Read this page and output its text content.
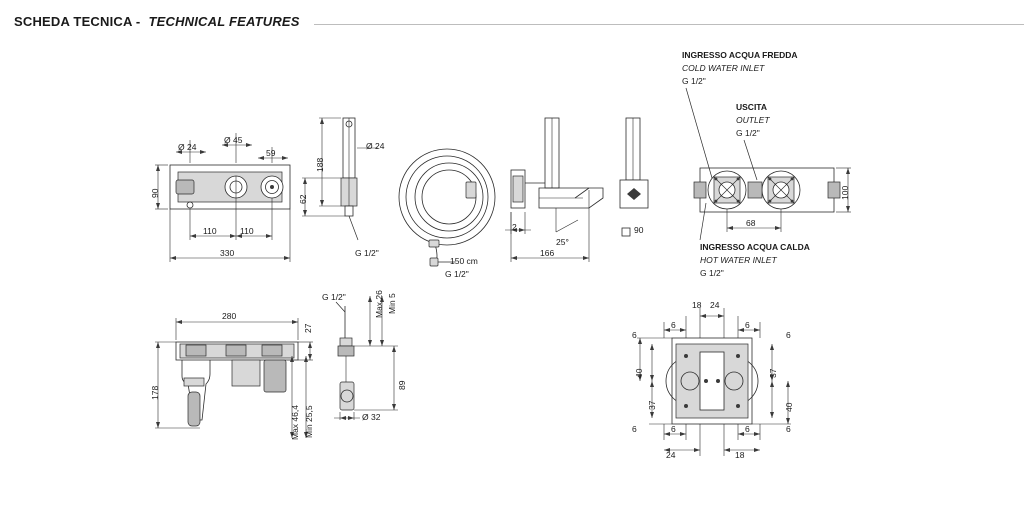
SCHEDA TECNICA - TECHNICAL FEATURES
INGRESSO ACQUA FREDDA
COLD WATER INLET
G 1/2"
USCITA
OUTLET
G 1/2"
INGRESSO ACQUA CALDA
HOT WATER INLET
G 1/2"
Ø 24
Ø 45
59
90
110	110
330
188
62
Ø 24
G 1/2"
150 cm
G 1/2"
2
25°
166
90
100
68
280
27
178
G 1/2"	Max 26 Min 5
89
Ø 32
Max 46,4 Min 25,5
18 24
6	6
6	6
40
37
37
40
6	6
6	6
24	18
